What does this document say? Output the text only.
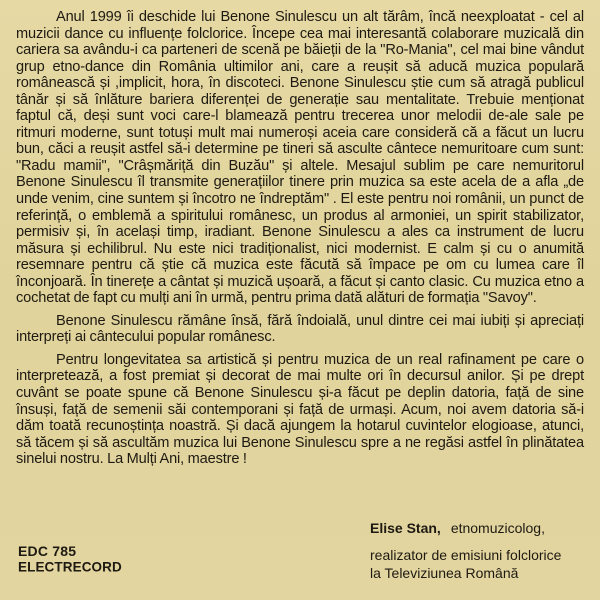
Anul 1999 îi deschide lui Benone Sinulescu un alt tărâm, încă neexploatat - cel al muzicii dance cu influențe folclorice. Începe cea mai interesantă colaborare muzicală din cariera sa avându-i ca parteneri de scenă pe băieții de la "Ro-Mania", cel mai bine vândut grup etno-dance din România ultimilor ani, care a reușit să aducă muzica populară românească și ,implicit, hora, în discoteci. Benone Sinulescu știe cum să atragă publicul tânăr și să înlăture bariera diferenței de generație sau mentalitate. Trebuie menționat faptul că, deși sunt voci care-l blamează pentru trecerea unor melodii de-ale sale pe ritmuri moderne, sunt totuși mult mai numeroși aceia care consideră că a făcut un lucru bun, căci a reușit astfel să-i determine pe tineri să asculte cântece nemuritoare cum sunt: "Radu mamii", "Crâșmăriță din Buzău" și altele. Mesajul sublim pe care nemuritorul Benone Sinulescu îl transmite generațiilor tinere prin muzica sa este acela de a afla „de unde venim, cine suntem și încotro ne îndreptăm" . El este pentru noi românii, un punct de referință, o emblemă a spiritului românesc, un produs al armoniei, un spirit stabilizator, permisiv și, în același timp, iradiant. Benone Sinulescu a ales ca instrument de lucru măsura și echilibrul. Nu este nici tradiționalist, nici modernist. E calm și cu o anumită resemnare pentru că știe că muzica este făcută să împace pe om cu lumea care îl înconjoară. În tinerețe a cântat și muzică ușoară, a făcut și canto clasic. Cu muzica etno a cochetat de fapt cu mulți ani în urmă, pentru prima dată alături de formația "Savoy".

Benone Sinulescu rămâne însă, fără îndoială, unul dintre cei mai iubiți și apreciați interpreți ai cântecului popular românesc.

Pentru longevitatea sa artistică și pentru muzica de un real rafinament pe care o interpretează, a fost premiat și decorat de mai multe ori în decursul anilor. Și pe drept cuvânt se poate spune că Benone Sinulescu și-a făcut pe deplin datoria, față de sine însuși, față de semenii săi contemporani și față de urmași. Acum, noi avem datoria să-i dăm toată recunoștința noastră. Și dacă ajungem la hotarul cuvintelor elogioase, atunci, să tăcem și să ascultăm muzica lui Benone Sinulescu spre a ne regăsi astfel în plinătatea sinelui nostru. La Mulți Ani, maestre !

Elise Stan, etnomuzicolog,
realizator de emisiuni folclorice
la Televiziunea Română
EDC 785
ELECTRECORD
